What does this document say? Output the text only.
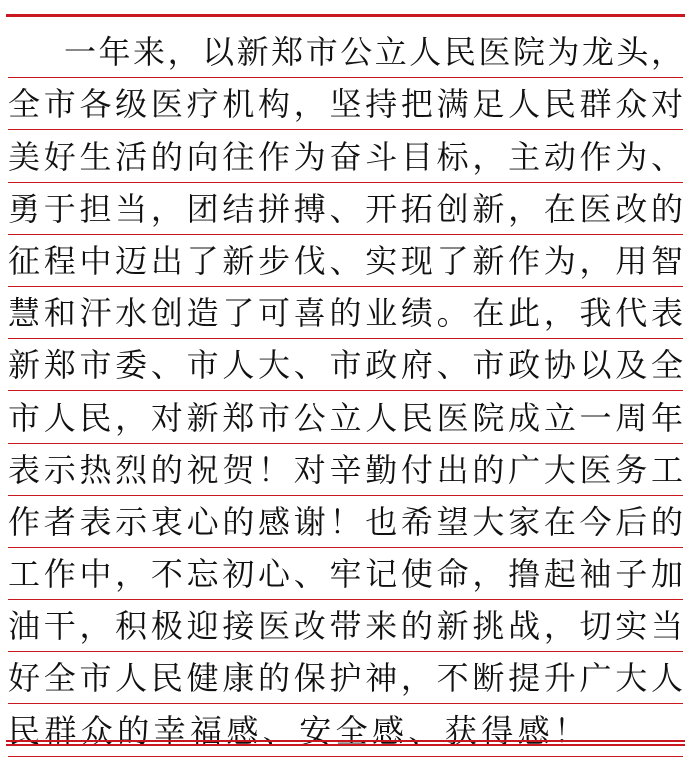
一年来，以新郑市公立人民医院为龙头，
全市各级医疗机构，坚持把满足人民群众对
美好生活的向往作为奋斗目标，主动作为、
勇于担当，团结拼搏、开拓创新，在医改的
征程中迈出了新步伐、实现了新作为，用智
慧和汗水创造了可喜的业绩。在此，我代表
新郑市委、市人大、市政府、市政协以及全
市人民，对新郑市公立人民医院成立一周年
表示热烈的祝贺！对辛勤付出的广大医务工
作者表示衷心的感谢！也希望大家在今后的
工作中，不忘初心、牢记使命，撸起袖子加
油干，积极迎接医改带来的新挑战，切实当
好全市人民健康的保护神，不断提升广大人
民群众的幸福感、安全感、获得感！
